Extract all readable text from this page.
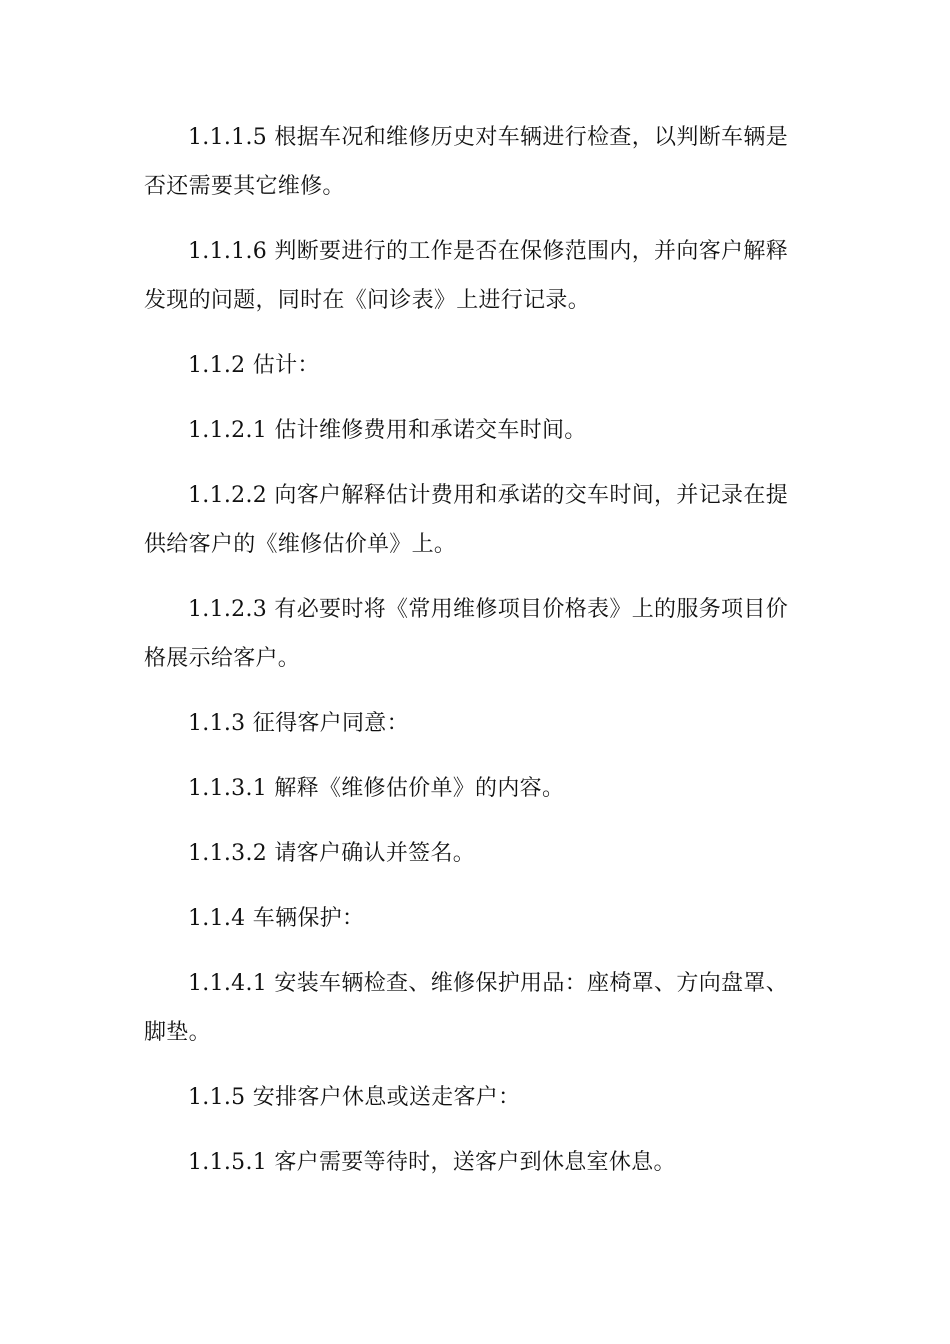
1.1.1.5 根据车况和维修历史对车辆进行检查，以判断车辆是否还需要其它维修。

1.1.1.6 判断要进行的工作是否在保修范围内，并向客户解释发现的问题，同时在《问诊表》上进行记录。

1.1.2 估计：

1.1.2.1 估计维修费用和承诺交车时间。

1.1.2.2 向客户解释估计费用和承诺的交车时间，并记录在提供给客户的《维修估价单》上。

1.1.2.3 有必要时将《常用维修项目价格表》上的服务项目价格展示给客户。

1.1.3 征得客户同意：

1.1.3.1 解释《维修估价单》的内容。

1.1.3.2 请客户确认并签名。

1.1.4 车辆保护：

1.1.4.1 安装车辆检查、维修保护用品：座椅罩、方向盘罩、脚垫。

1.1.5 安排客户休息或送走客户：

1.1.5.1 客户需要等待时，送客户到休息室休息。
